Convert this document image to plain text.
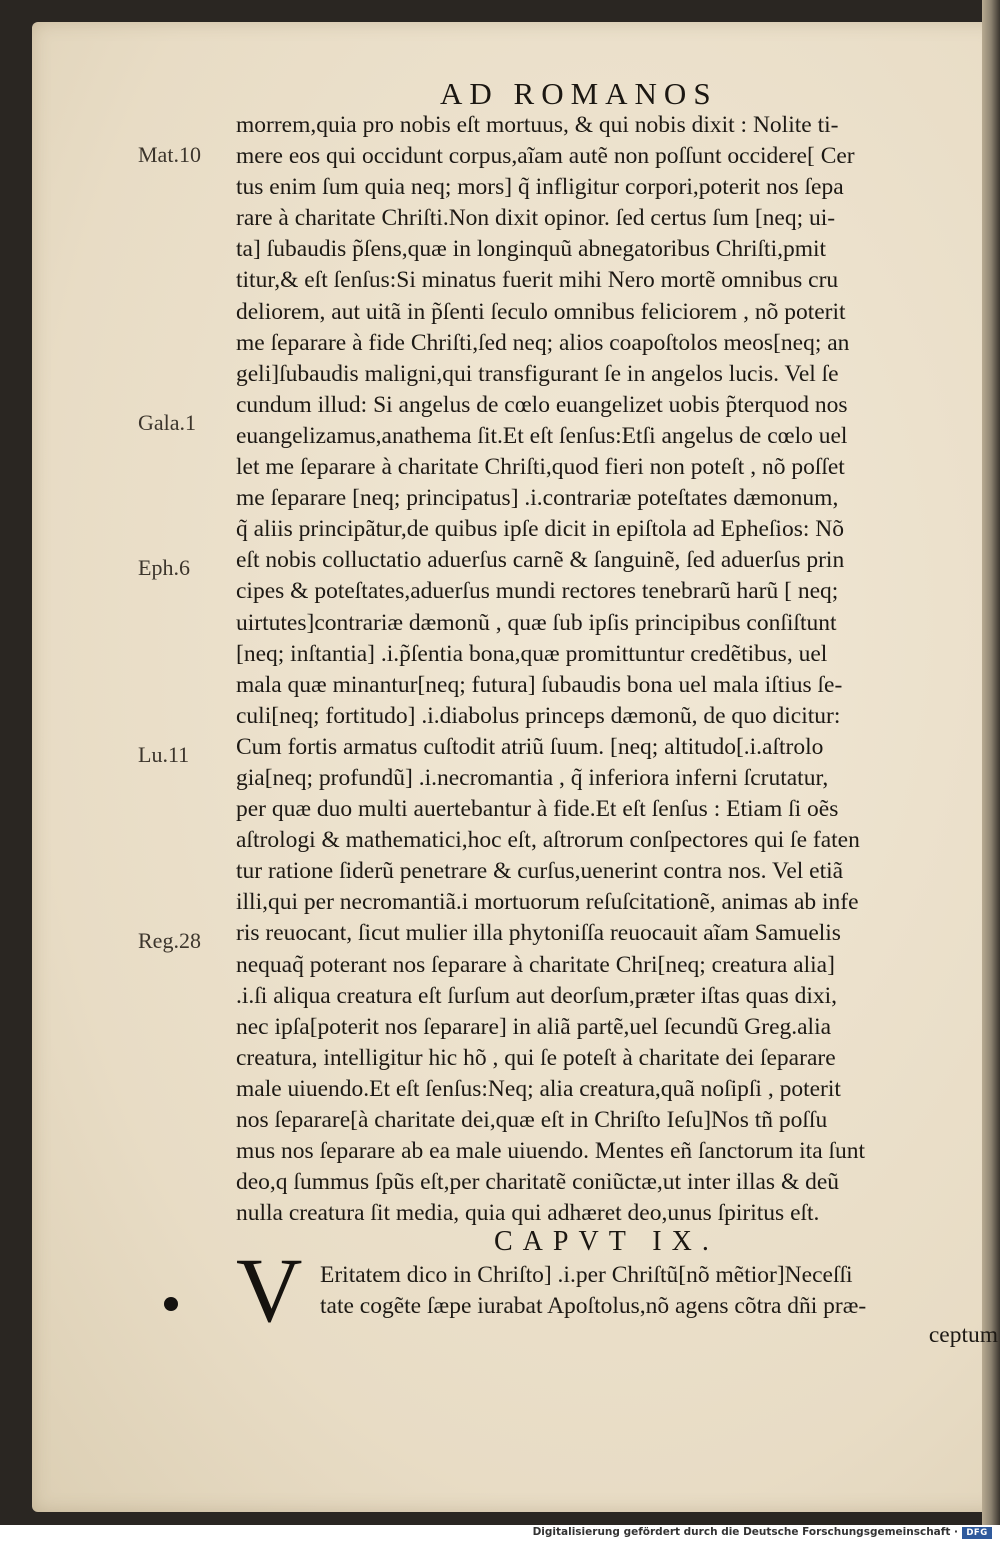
AD ROMANOS
morrem,quia pro nobis eſt mortuus, & qui nobis dixit : Nolite ti-
mere eos qui occidunt corpus,aĩam autẽ non poſſunt occidere[ Cer
tus enim ſum quia neq; mors] q̃ infligitur corpori,poterit nos ſepa
rare à charitate Chriſti.Non dixit opinor. ſed certus ſum [neq; ui-
ta] ſubaudis p̃ſens,quæ in longinquũ abnegatoribus Chriſti,pmit
titur,& eſt ſenſus:Si minatus fuerit mihi Nero mortẽ omnibus cru
deliorem, aut uitã in p̃ſenti ſeculo omnibus feliciorem , nõ poterit
me ſeparare à fide Chriſti,ſed neq; alios coapoſtolos meos[neq; an
geli]ſubaudis maligni,qui transfigurant ſe in angelos lucis. Vel ſe
cundum illud: Si angelus de cœlo euangelizet uobis p̃terquod nos
euangelizamus,anathema ſit.Et eſt ſenſus:Etſi angelus de cœlo uel
let me ſeparare à charitate Chriſti,quod fieri non poteſt , nõ poſſet
me ſeparare [neq; principatus] .i.contrariæ poteſtates dæmonum,
q̃ aliis principãtur,de quibus ipſe dicit in epiſtola ad Epheſios: Nõ
eſt nobis colluctatio aduerſus carnẽ & ſanguinẽ, ſed aduerſus prin
cipes & poteſtates,aduerſus mundi rectores tenebrarũ harũ [ neq;
uirtutes]contrariæ dæmonũ , quæ ſub ipſis principibus conſiſtunt
[neq; inſtantia] .i.p̃ſentia bona,quæ promittuntur credẽtibus, uel
mala quæ minantur[neq; futura] ſubaudis bona uel mala iſtius ſe-
culi[neq; fortitudo] .i.diabolus princeps dæmonũ, de quo dicitur:
Cum fortis armatus cuſtodit atriũ ſuum. [neq; altitudo[.i.aſtrolo
gia[neq; profundũ] .i.necromantia , q̃ inferiora inferni ſcrutatur,
per quæ duo multi auertebantur à fide.Et eſt ſenſus : Etiam ſi oẽs
aſtrologi & mathematici,hoc eſt, aſtrorum conſpectores qui ſe faten
tur ratione ſiderũ penetrare & curſus,uenerint contra nos. Vel etiã
illi,qui per necromantiã.i mortuorum reſuſcitationẽ, animas ab infe
ris reuocant, ſicut mulier illa phytoniſſa reuocauit aĩam Samuelis
nequaq̃ poterant nos ſeparare à charitate Chri[neq; creatura alia]
.i.ſi aliqua creatura eſt ſurſum aut deorſum,præter iſtas quas dixi,
nec ipſa[poterit nos ſeparare] in aliã partẽ,uel ſecundũ Greg.alia
creatura, intelligitur hic hõ , qui ſe poteſt à charitate dei ſeparare
male uiuendo.Et eſt ſenſus:Neq; alia creatura,quã noſipſi , poterit
nos ſeparare[à charitate dei,quæ eſt in Chriſto Ieſu]Nos tñ poſſu
mus nos ſeparare ab ea male uiuendo. Mentes eñ ſanctorum ita ſunt
deo,q ſummus ſpũs eſt,per charitatẽ coniũctæ,ut inter illas & deũ
nulla creatura ſit media, quia qui adhæret deo,unus ſpiritus eſt.
Mat.10
Gala.1
Eph.6
Lu.11
Reg.28
CAPVT IX.
V Eritatem dico in Chriſto] .i.per Chriſtũ[nõ mẽtior]Neceſſi
tate cogẽte ſæpe iurabat Apoſtolus,nõ agens cõtra dñi præ-
ceptum
Digitalisierung gefördert durch die Deutsche Forschungsgemeinschaft · DFG
